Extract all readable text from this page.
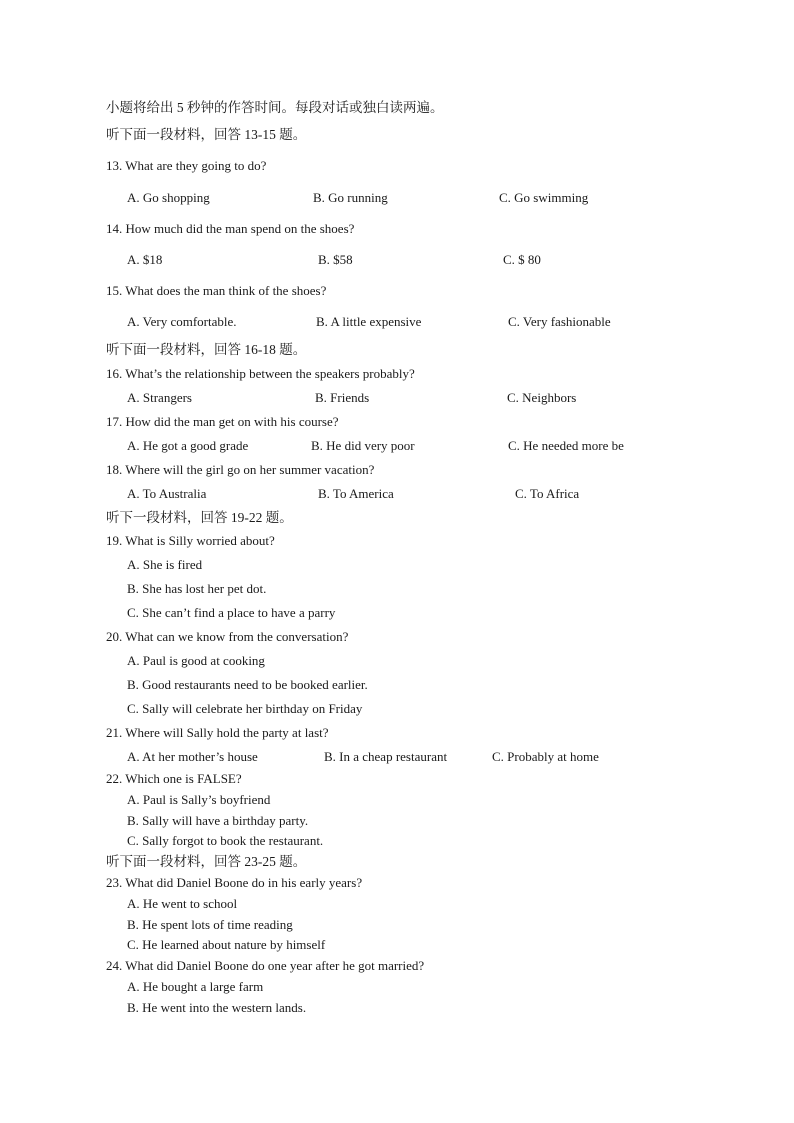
小题将给出 5 秒钟的作答时间。每段对话或独白读两遍。
听下面一段材料，回答 13-15 题。
13. What are they going to do?
A. Go shopping	B. Go running	C. Go swimming
14. How much did the man spend on the shoes?
A. $18	B. $58	C. $ 80
15. What does the man think of the shoes?
A. Very comfortable.	B. A little expensive	C. Very fashionable
听下面一段材料，回答 16-18 题。
16. What’s the relationship between the speakers probably?
A. Strangers	B. Friends	C. Neighbors
17. How did the man get on with his course?
A. He got a good grade	B. He did very poor	C. He needed more be
18. Where will the girl go on her summer vacation?
A. To Australia	B. To America	C. To Africa
听下一段材料，回答 19-22 题。
19. What is Silly worried about?
A. She is fired
B. She has lost her pet dot.
C. She can’t find a place to have a parry
20. What can we know from the conversation?
A. Paul is good at cooking
B. Good restaurants need to be booked earlier.
C. Sally will celebrate her birthday on Friday
21. Where will Sally hold the party at last?
A. At her mother’s house	B. In a cheap restaurant	C. Probably at home
22. Which one is FALSE?
A. Paul is Sally’s boyfriend
B. Sally will have a birthday party.
C. Sally forgot to book the restaurant.
听下面一段材料，回答 23-25 题。
23. What did Daniel Boone do in his early years?
A. He went to school
B. He spent lots of time reading
C. He learned about nature by himself
24. What did Daniel Boone do one year after he got married?
A. He bought a large farm
B. He went into the western lands.
